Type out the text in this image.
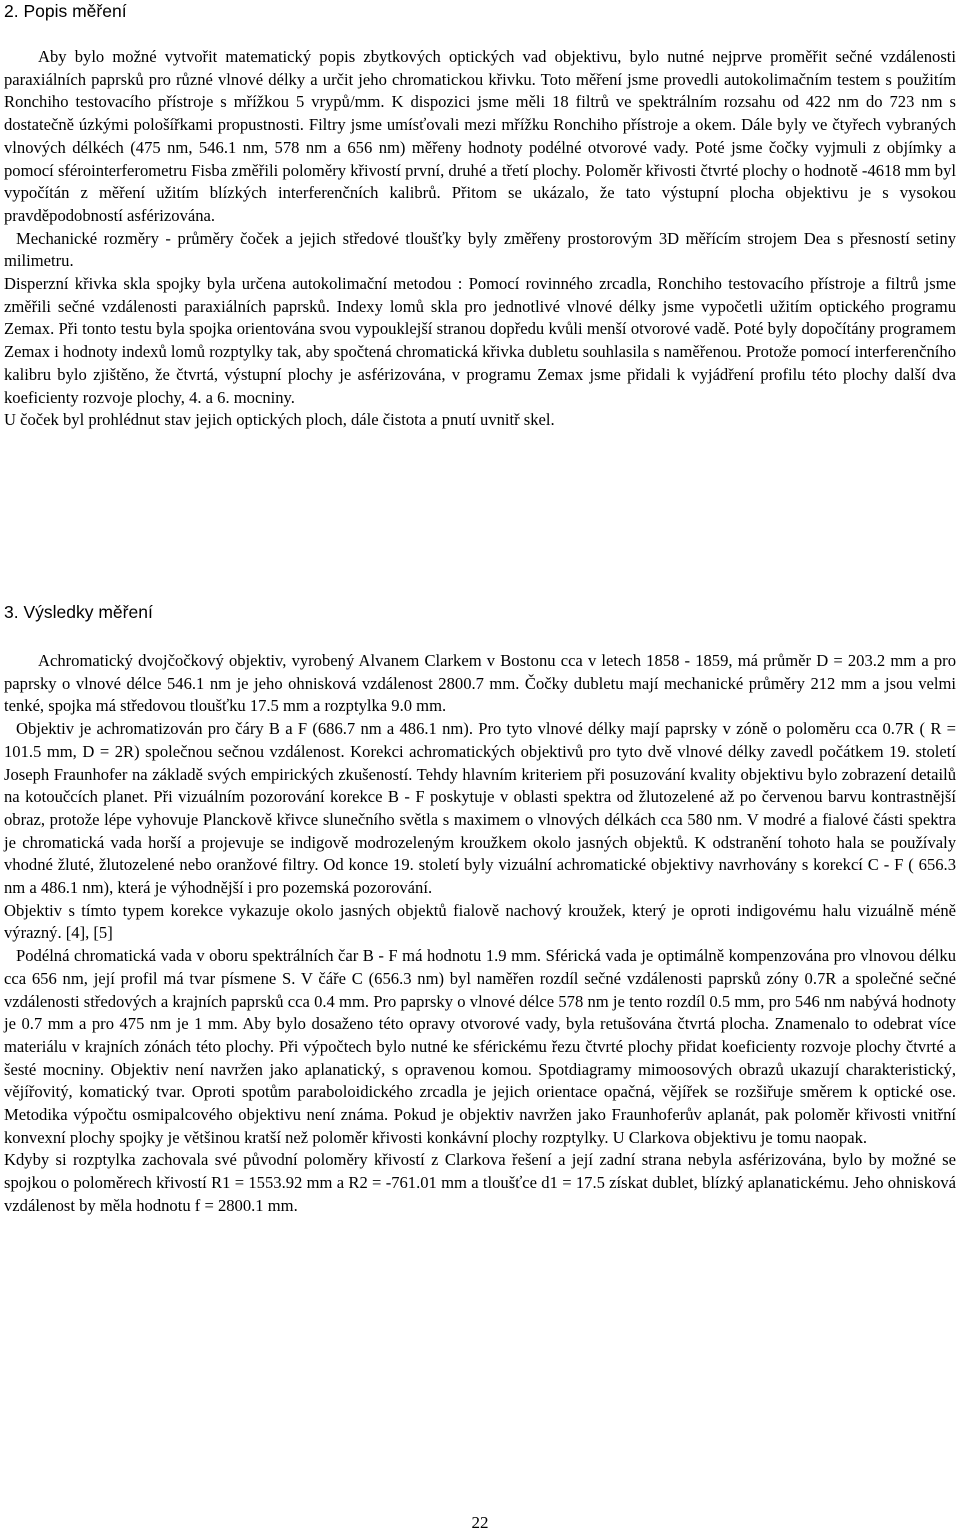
2. Popis měření

Aby bylo možné vytvořit matematický popis zbytkových optických vad objektivu, bylo nutné nejprve proměřit sečné vzdálenosti paraxiálních paprsků pro různé vlnové délky a určit jeho chromatickou křivku. Toto měření jsme provedli autokolimačním testem s použitím Ronchiho testovacího přístroje s mřížkou 5 vrypů/mm. K dispozici jsme měli 18 filtrů ve spektrálním rozsahu od 422 nm do 723 nm s dostatečně úzkými pološířkami propustnosti. Filtry jsme umísťovali mezi mřížku Ronchiho přístroje a okem. Dále byly ve čtyřech vybraných vlnových délkéch (475 nm, 546.1 nm, 578 nm a 656 nm) měřeny hodnoty podélné otvorové vady. Poté jsme čočky vyjmuli z objímky a pomocí sférointerferometru Fisba změřili poloměry křivostí první, druhé a třetí plochy. Poloměr křivosti čtvrté plochy o hodnotě -4618 mm byl vypočítán z měření užitím blízkých interferenčních kalibrů. Přitom se ukázalo, že tato výstupní plocha objektivu je s vysokou pravděpodobností asférizována.

Mechanické rozměry - průměry čoček a jejich středové tloušťky byly změřeny prostorovým 3D měřícím strojem Dea s přesností setiny milimetru.

Disperzní křivka skla spojky byla určena autokolimační metodou : Pomocí rovinného zrcadla, Ronchiho testovacího přístroje a filtrů jsme změřili sečné vzdálenosti paraxiálních paprsků. Indexy lomů skla pro jednotlivé vlnové délky jsme vypočetli užitím optického programu Zemax. Při tonto testu byla spojka orientována svou vypouklejší stranou dopředu kvůli menší otvorové vadě. Poté byly dopočítány programem Zemax i hodnoty indexů lomů rozptylky tak, aby spočtená chromatická křivka dubletu souhlasila s naměřenou. Protože pomocí interferenčního kalibru bylo zjištěno, že čtvrtá, výstupní plochy je asférizována, v programu Zemax jsme přidali k vyjádření profilu této plochy další dva koeficienty rozvoje plochy, 4. a 6. mocniny.

U čoček byl prohlédnut stav jejich optických ploch, dále čistota a pnutí uvnitř skel.

3. Výsledky měření

Achromatický dvojčočkový objektiv, vyrobený Alvanem Clarkem v Bostonu cca v letech 1858 - 1859, má průměr D = 203.2 mm a pro paprsky o vlnové délce 546.1 nm je jeho ohnisková vzdálenost 2800.7 mm. Čočky dubletu mají mechanické průměry 212 mm a jsou velmi tenké, spojka má středovou tloušťku 17.5 mm a rozptylka 9.0 mm.

Objektiv je achromatizován pro čáry B a F (686.7 nm a 486.1 nm). Pro tyto vlnové délky mají paprsky v zóně o poloměru cca 0.7R ( R = 101.5 mm, D = 2R) společnou sečnou vzdálenost. Korekci achromatických objektivů pro tyto dvě vlnové délky zavedl počátkem 19. století Joseph Fraunhofer na základě svých empirických zkušeností. Tehdy hlavním kriteriem při posuzování kvality objektivu bylo zobrazení detailů na kotoučcích planet. Při vizuálním pozorování korekce B - F poskytuje v oblasti spektra od žlutozelené až po červenou barvu kontrastnější obraz, protože lépe vyhovuje Planckově křivce slunečního světla s maximem o vlnových délkách cca 580 nm. V modré a fialové části spektra je chromatická vada horší a projevuje se indigově modrozeleným kroužkem okolo jasných objektů. K odstranění tohoto hala se používaly vhodné žluté, žlutozelené nebo oranžové filtry. Od konce 19. století byly vizuální achromatické objektivy navrhovány s korekcí C - F ( 656.3 nm a 486.1 nm), která je výhodnější i pro pozemská pozorování.

Objektiv s tímto typem korekce vykazuje okolo jasných objektů fialově nachový kroužek, který je oproti indigovému halu vizuálně méně výrazný. [4], [5]

Podélná chromatická vada v oboru spektrálních čar B - F má hodnotu 1.9 mm. Sférická vada je optimálně kompenzována pro vlnovou délku cca 656 nm, její profil má tvar písmene S. V čáře C (656.3 nm) byl naměřen rozdíl sečné vzdálenosti paprsků zóny 0.7R a společné sečné vzdálenosti středových a krajních paprsků cca 0.4 mm. Pro paprsky o vlnové délce 578 nm je tento rozdíl 0.5 mm, pro 546 nm nabývá hodnoty je 0.7 mm a pro 475 nm je 1 mm. Aby bylo dosaženo této opravy otvorové vady, byla retušována čtvrtá plocha. Znamenalo to odebrat více materiálu v krajních zónách této plochy. Při výpočtech bylo nutné ke sférickému řezu čtvrté plochy přidat koeficienty rozvoje plochy čtvrté a šesté mocniny. Objektiv není navržen jako aplanatický, s opravenou komou. Spotdiagramy mimoosových obrazů ukazují charakteristický, vějířovitý, komatický tvar. Oproti spotům paraboloidického zrcadla je jejich orientace opačná, vějířek se rozšiřuje směrem k optické ose. Metodika výpočtu osmipalcového objektivu není známa. Pokud je objektiv navržen jako Fraunhoferův aplanát, pak poloměr křivosti vnitřní konvexní plochy spojky je většinou kratší než poloměr křivosti konkávní plochy rozptylky. U Clarkova objektivu je tomu naopak.

Kdyby si rozptylka zachovala své původní poloměry křivostí z Clarkova řešení a její zadní strana nebyla asférizována, bylo by možné se spojkou o poloměrech křivostí R1 = 1553.92 mm a R2 = -761.01 mm a tloušťce d1 = 17.5 získat dublet, blízký aplanatickému. Jeho ohnisková vzdálenost by měla hodnotu f = 2800.1 mm.

22
